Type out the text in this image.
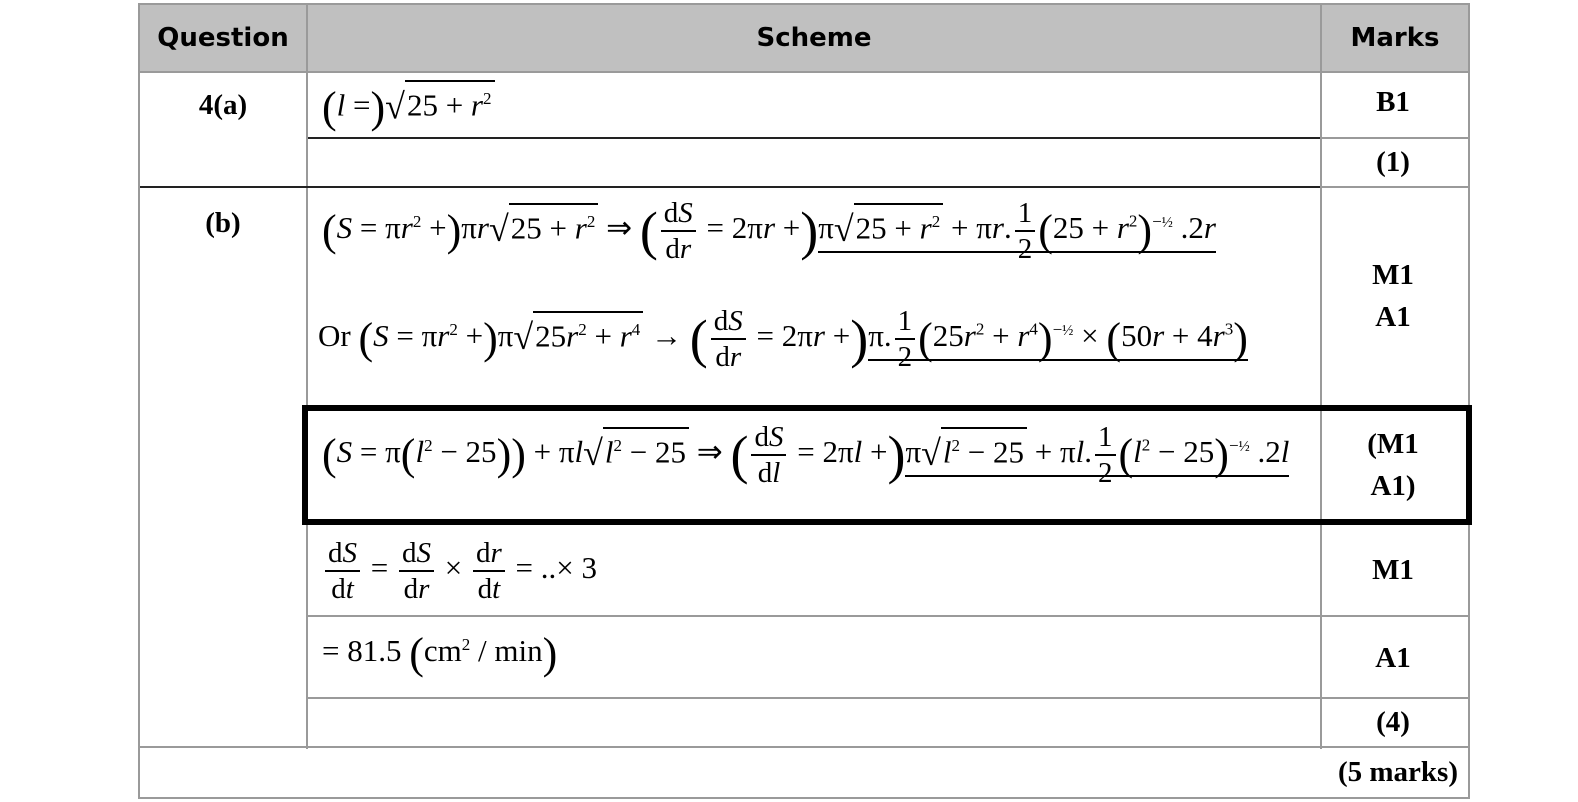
Question	Scheme	Marks
4(a)
(b)
B1
(1)
M1
A1
(M1
A1)
M1
A1
(4)
(5 marks)
$(l =)√25 + r^2$
$(S = \pi r^2 +)\pi r√25 + r^2$ ⇒ ( $\frac{dS}{dr} = 2\pi r +)\pi√25 + r^2 + \pi r$. $\frac{1}{2} (25 + r^2)^{-\frac{1}{2}}$ .2r
Or $(S = \pi r^2 +)\pi√25r^2 + r^4$ → ( $\frac{dS}{dr} = 2\pi r +)\pi$. $\frac{1}{2} (25r^2 + r^4)^{-\frac{1}{2}} \times (50r + 4r^3)$
$(S = \pi(l^2 - 25)) + \pi l√l^2 - 25$ ⇒ ( $\frac{dS}{dl} = 2\pi l +)\pi√l^2 - 25 + \pi l$. $\frac{1}{2} (l^2 - 25)^{-\frac{1}{2}}$ .2l
$\frac{dS}{dt} = \frac{dS}{dr} \times \frac{dr}{dt}$ = ..× 3
= 81.5 $(cm^2 / \min)$
